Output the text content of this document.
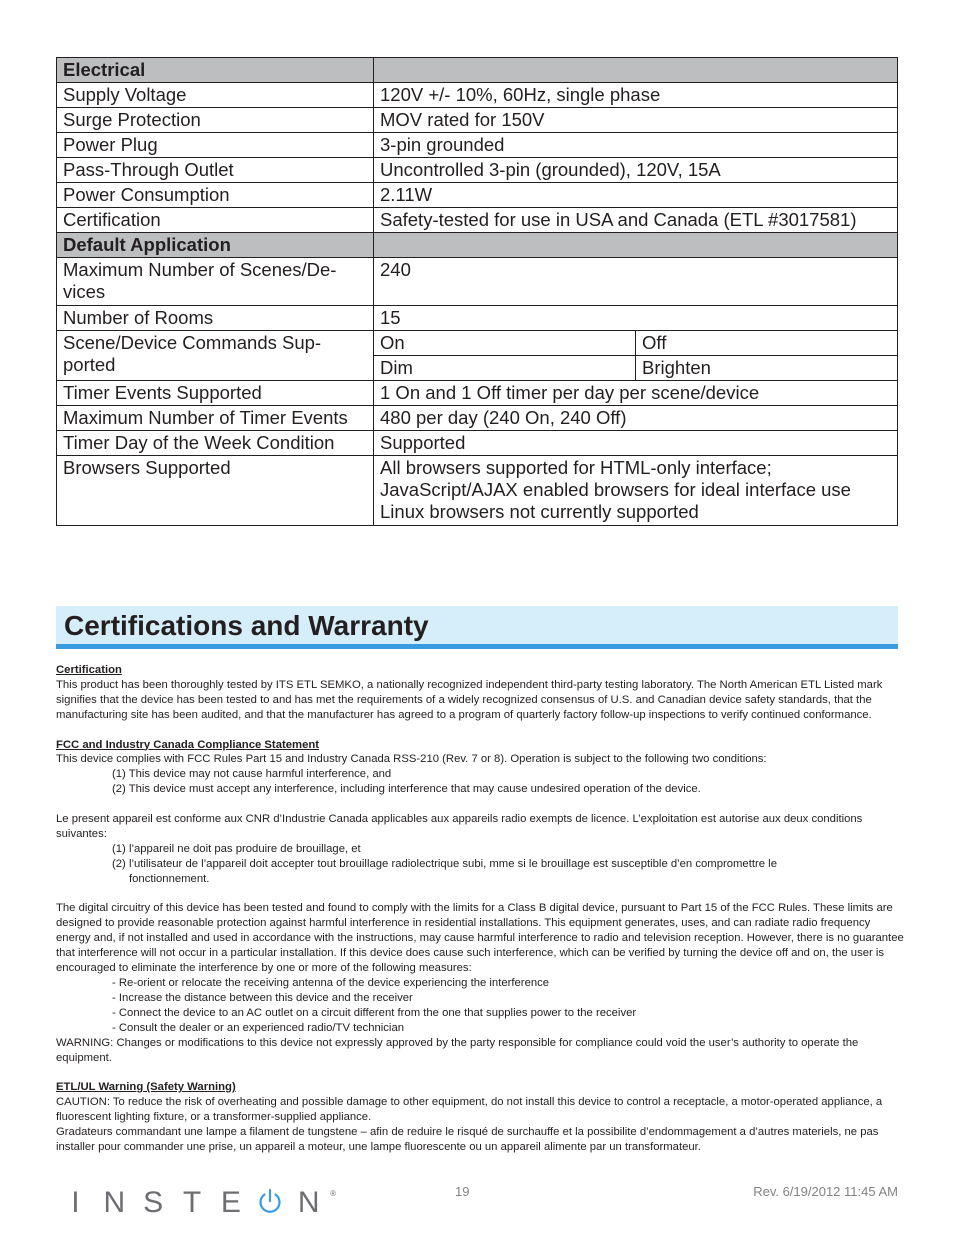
Electrical		
Supply Voltage	120V +/- 10%, 60Hz, single phase	
Surge Protection	MOV rated for 150V	
Power Plug	3-pin grounded	
Pass-Through Outlet	Uncontrolled 3-pin (grounded), 120V, 15A	
Power Consumption	2.11W	
Certification	Safety-tested for use in USA and Canada (ETL #3017581)	
Default Application		
Maximum Number of Scenes/De-vices	240	
Number of Rooms	15	
Scene/Device Commands Sup-ported	On	Off
	Dim	Brighten
Timer Events Supported	1 On and 1 Off timer per day per scene/device	
Maximum Number of Timer Events	480 per day (240 On, 240 Off)	
Timer Day of the Week Condition	Supported	
Browsers Supported	All browsers supported for HTML-only interface;
JavaScript/AJAX enabled browsers for ideal interface use
Linux browsers not currently supported	
Certifications and Warranty

Certification

This product has been thoroughly tested by ITS ETL SEMKO, a nationally recognized independent third-party testing laboratory. The North American ETL Listed mark signifies that the device has been tested to and has met the requirements of a widely recognized consensus of U.S. and Canadian device safety standards, that the manufacturing site has been audited, and that the manufacturer has agreed to a program of quarterly factory follow-up inspections to verify continued conformance.

FCC and Industry Canada Compliance Statement

This device complies with FCC Rules Part 15 and Industry Canada RSS-210 (Rev. 7 or 8). Operation is subject to the following two conditions:

(1) This device may not cause harmful interference, and

(2) This device must accept any interference, including interference that may cause undesired operation of the device.

Le present appareil est conforme aux CNR d’Industrie Canada applicables aux appareils radio exempts de licence. L’exploitation est autorise aux deux conditions suivantes:

(1) l’appareil ne doit pas produire de brouillage, et

(2) l’utilisateur de l’appareil doit accepter tout brouillage radiolectrique subi, mme si le brouillage est susceptible d’en compromettre le

fonctionnement.

The digital circuitry of this device has been tested and found to comply with the limits for a Class B digital device, pursuant to Part 15 of the FCC Rules. These limits are designed to provide reasonable protection against harmful interference in residential installations. This equipment generates, uses, and can radiate radio frequency energy and, if not installed and used in accordance with the instructions, may cause harmful interference to radio and television reception. However, there is no guarantee that interference will not occur in a particular installation. If this device does cause such interference, which can be verified by turning the device off and on, the user is encouraged to eliminate the interference by one or more of the following measures:

- Re-orient or relocate the receiving antenna of the device experiencing the interference

- Increase the distance between this device and the receiver

- Connect the device to an AC outlet on a circuit different from the one that supplies power to the receiver

- Consult the dealer or an experienced radio/TV technician

WARNING: Changes or modifications to this device not expressly approved by the party responsible for compliance could void the user’s authority to operate the equipment.

ETL/UL Warning (Safety Warning)

CAUTION: To reduce the risk of overheating and possible damage to other equipment, do not install this device to control a receptacle, a motor-operated appliance, a fluorescent lighting fixture, or a transformer-supplied appliance.

Gradateurs commandant une lampe a filament de tungstene – afin de reduire le risqué de surchauffe et la possibilite d’endommagement a d’autres materiels, ne pas installer pour commander une prise, un appareil a moteur, une lampe fluorescente ou un appareil alimente par un transformateur.

I N S T E	N	®	19	Rev. 6/19/2012 11:45 AM
